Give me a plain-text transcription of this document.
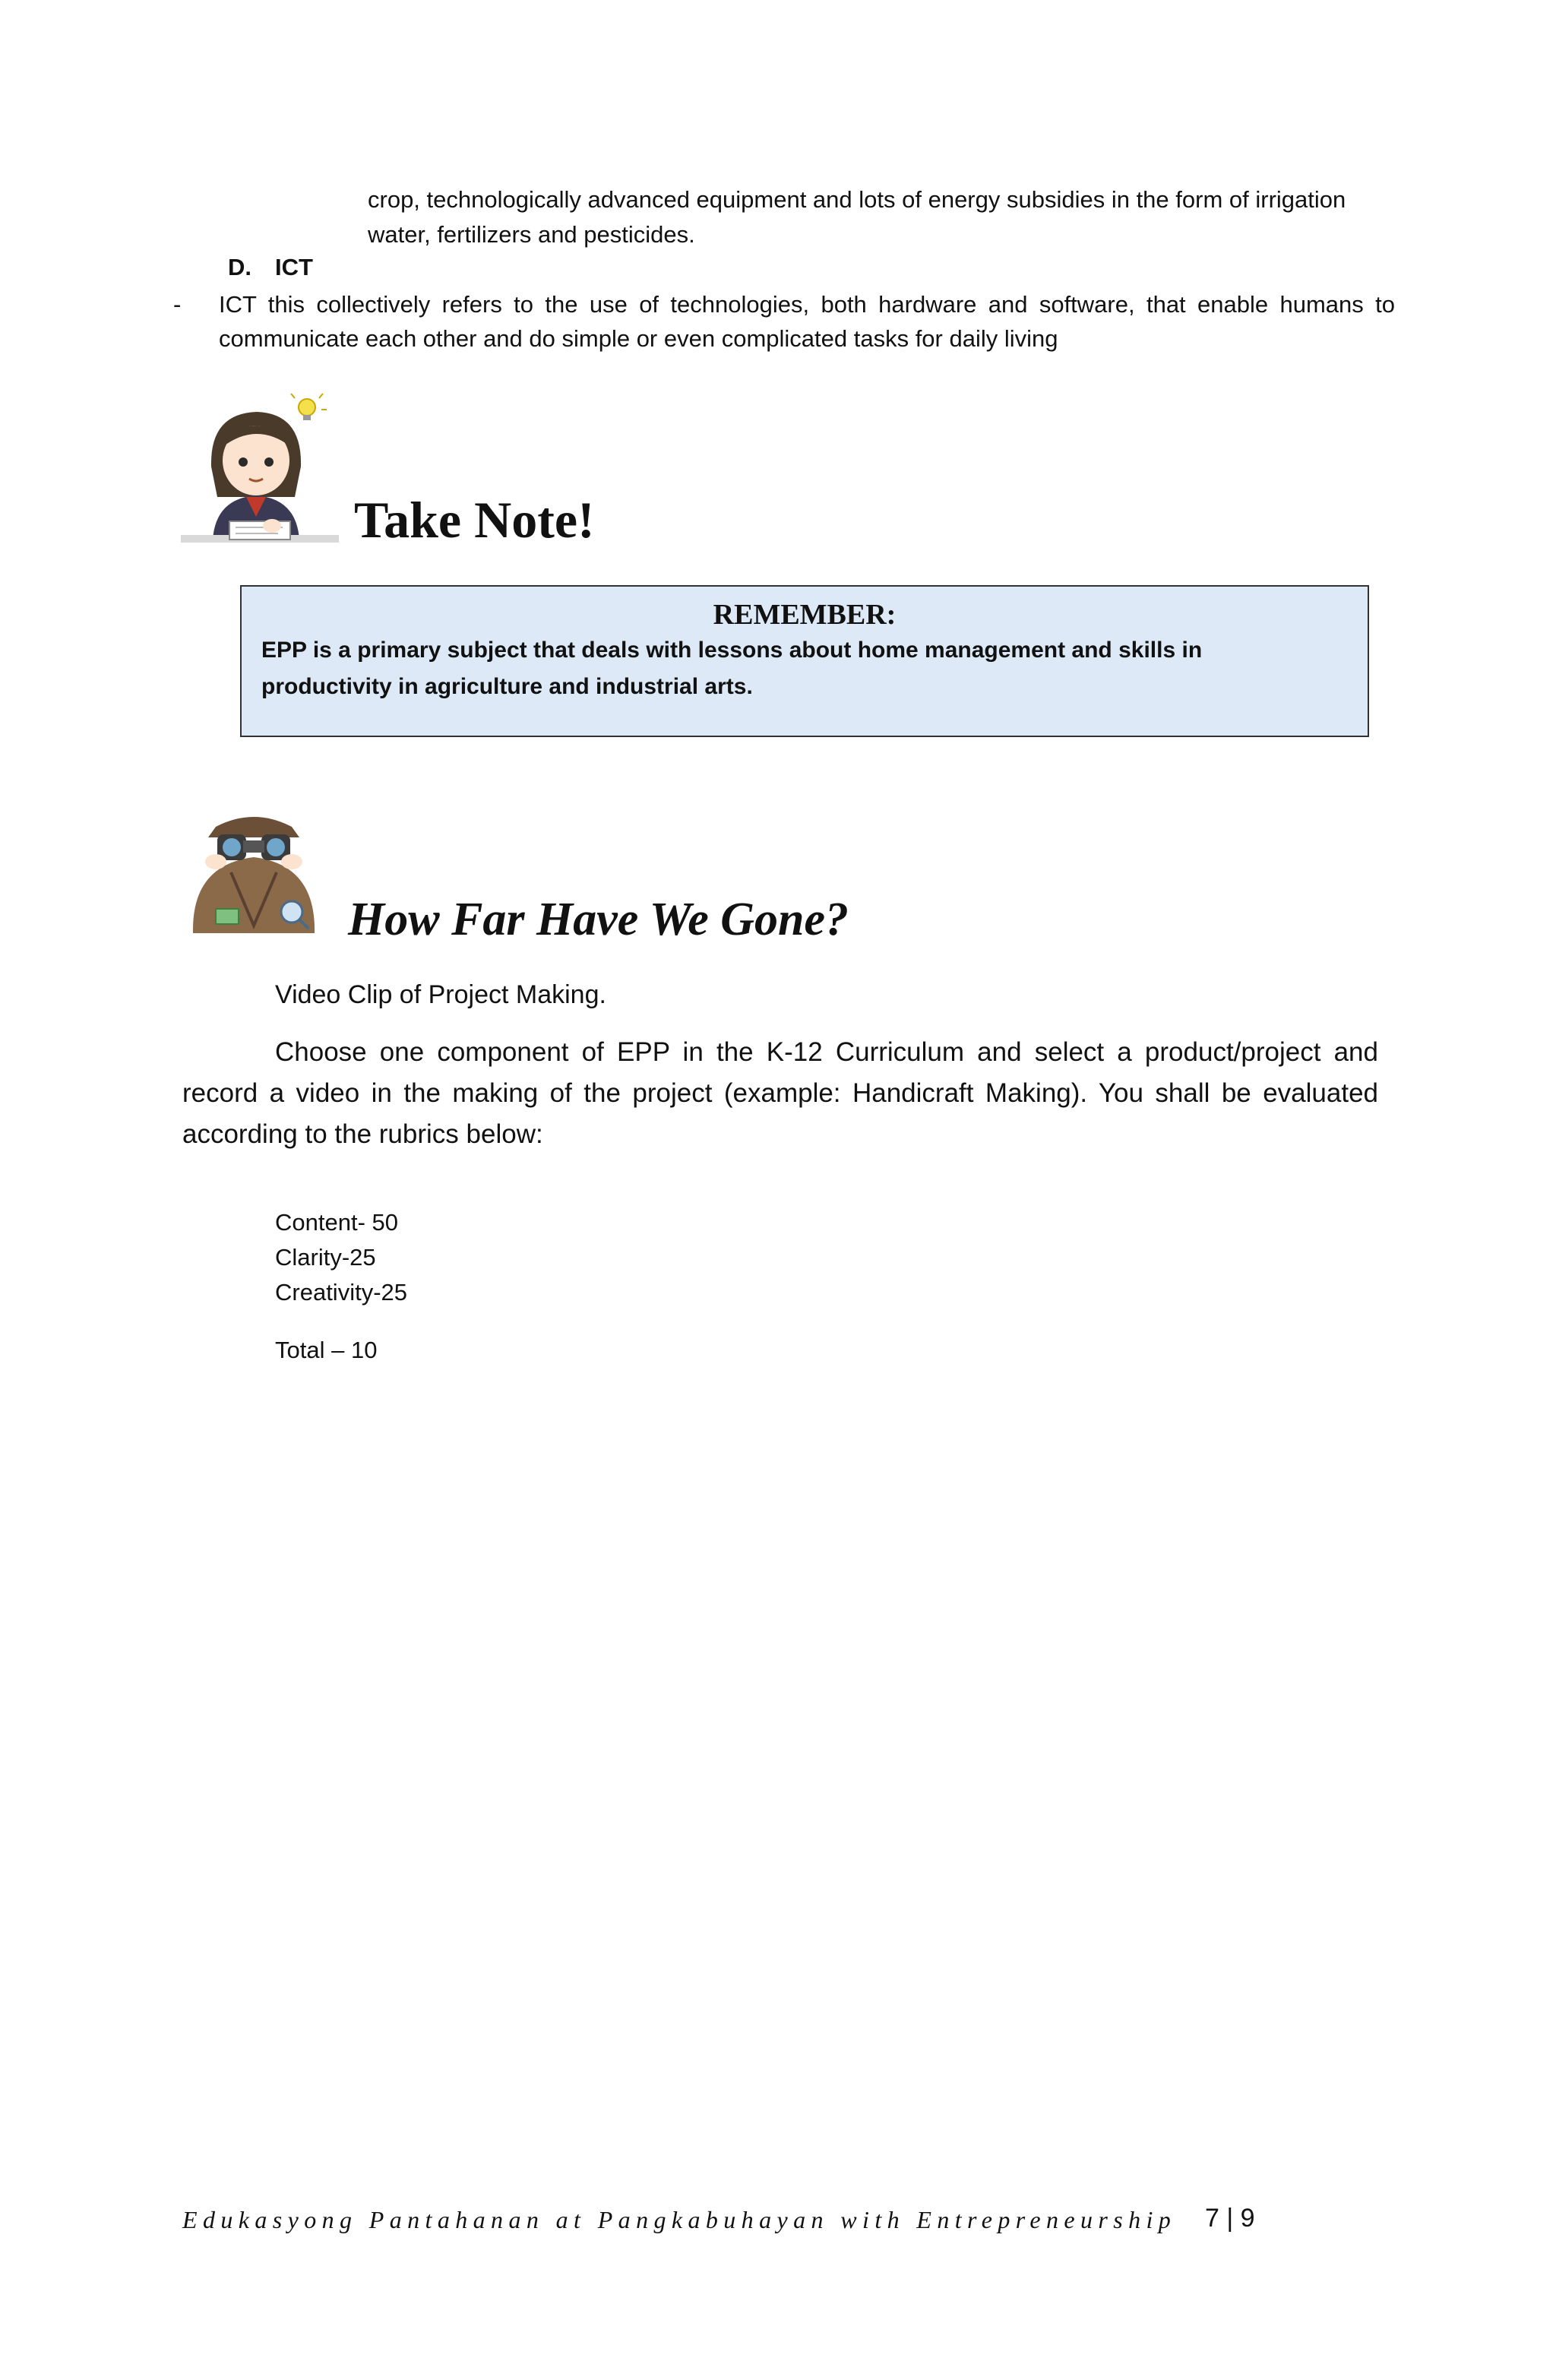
crop, technologically advanced equipment and lots of energy subsidies in the form of irrigation water, fertilizers and pesticides.
D. ICT
- ICT this collectively refers to the use of technologies, both hardware and software, that enable humans to communicate each other and do simple or even complicated tasks for daily living
Take Note!
REMEMBER:
EPP is a primary subject that deals with lessons about home management and skills in productivity in agriculture and industrial arts.
How Far Have We Gone?
Video Clip of Project Making.
Choose one component of EPP in the K-12 Curriculum and select a product/project and record a video in the making of the project (example: Handicraft Making). You shall be evaluated according to the rubrics below:
Content- 50
Clarity-25
Creativity-25
Total – 10
Edukasyong Pantahanan at Pangkabuhayan with Entrepreneurship 7 | 9
